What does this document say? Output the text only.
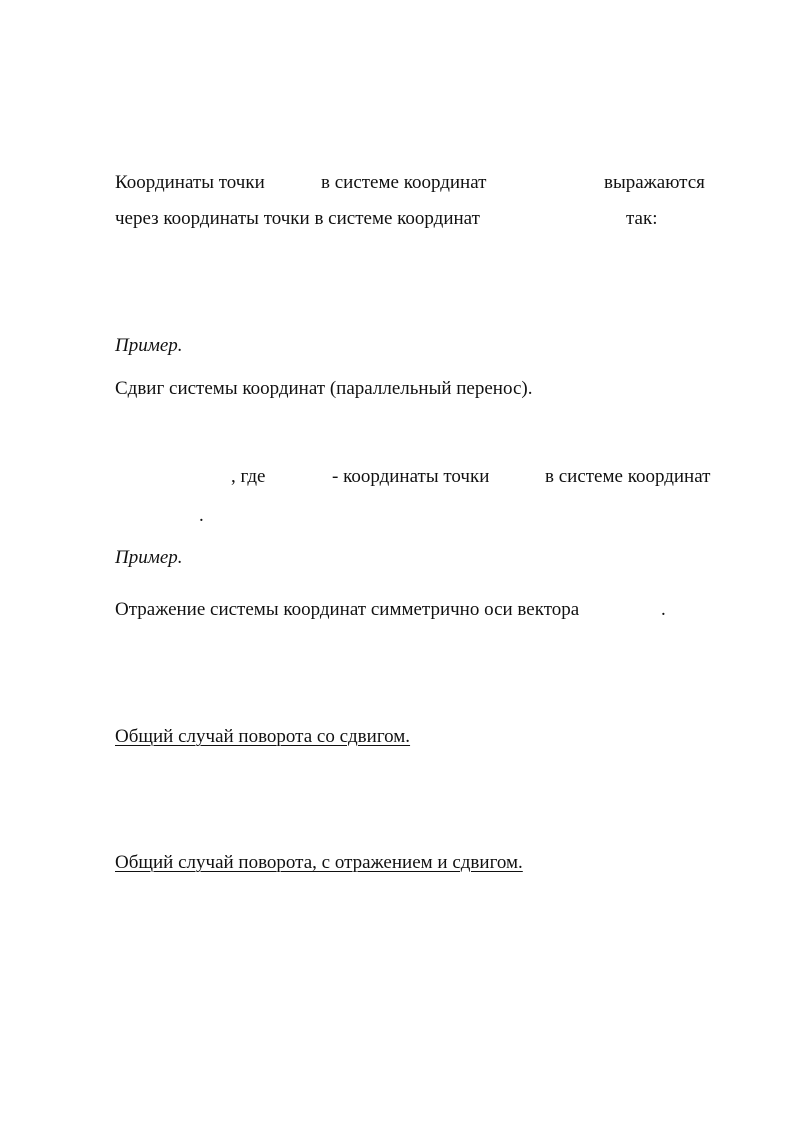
Координаты точки	в системе координат	выражаются
через координаты точки в системе координат	так:
Пример.
Сдвиг системы координат (параллельный перенос).
, где	- координаты точки	в системе координат
.
Пример.
Отражение системы координат симметрично оси вектора	.
Общий случай поворота со сдвигом.
Общий случай поворота, с отражением и сдвигом.
